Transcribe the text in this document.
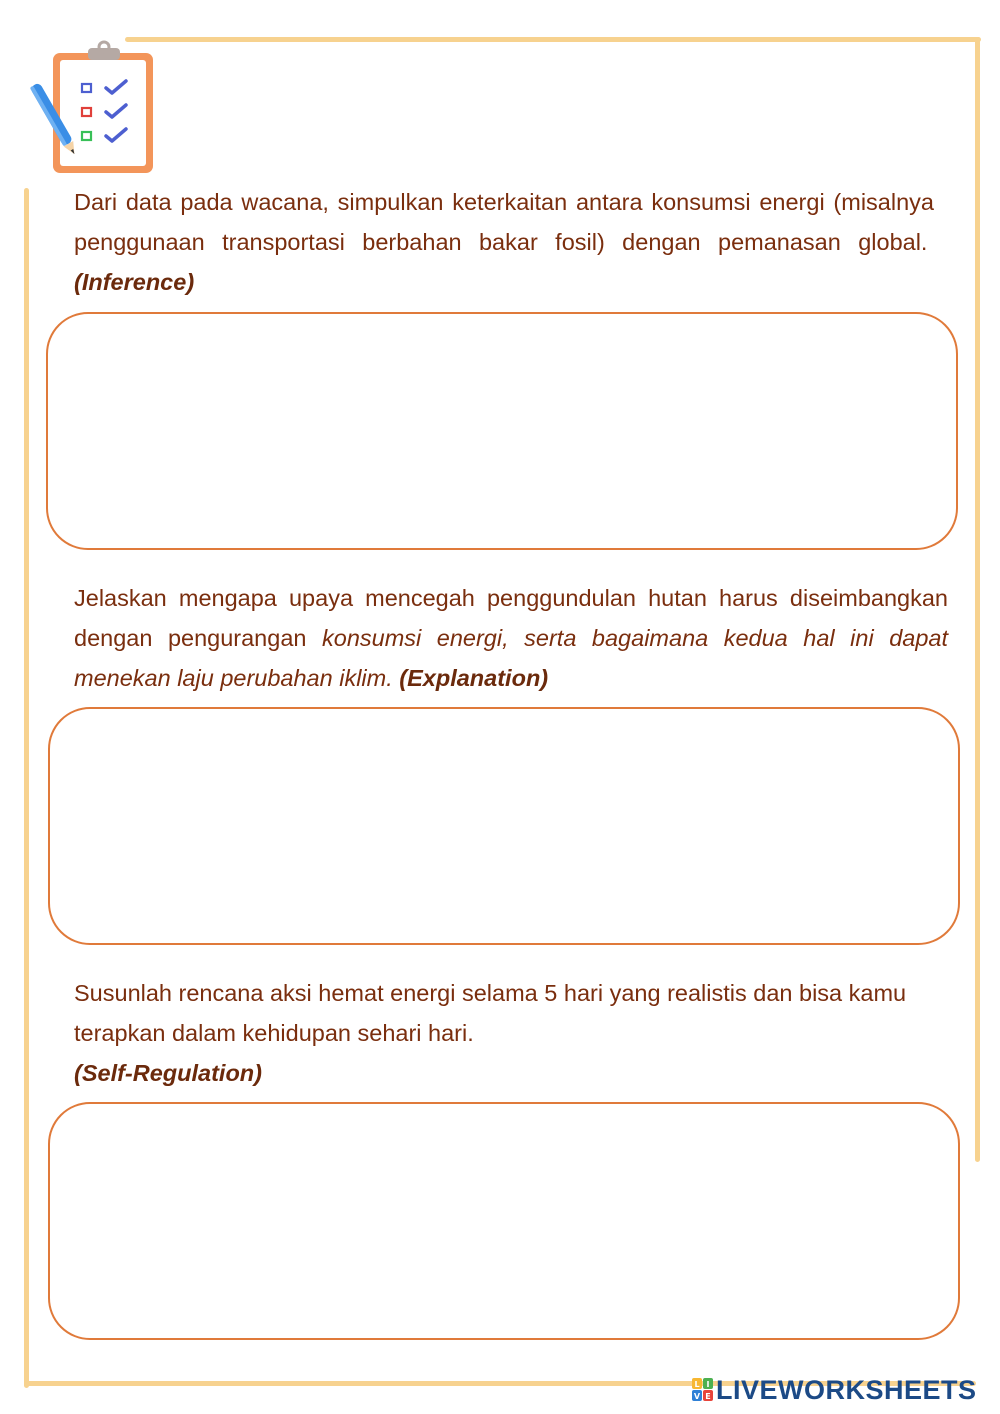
Dari data pada wacana, simpulkan keterkaitan antara konsumsi energi (misalnya penggunaan transportasi berbahan bakar fosil) dengan pemanasan global.  (Inference)
Jelaskan mengapa upaya mencegah penggundulan hutan harus diseimbangkan dengan pengurangan konsumsi energi, serta bagaimana kedua hal ini dapat menekan laju perubahan iklim. (Explanation)
Susunlah rencana aksi hemat energi selama 5 hari yang realistis dan bisa kamu terapkan dalam kehidupan sehari hari.
(Self-Regulation)
L I
V E LIVEWORKSHEETS
